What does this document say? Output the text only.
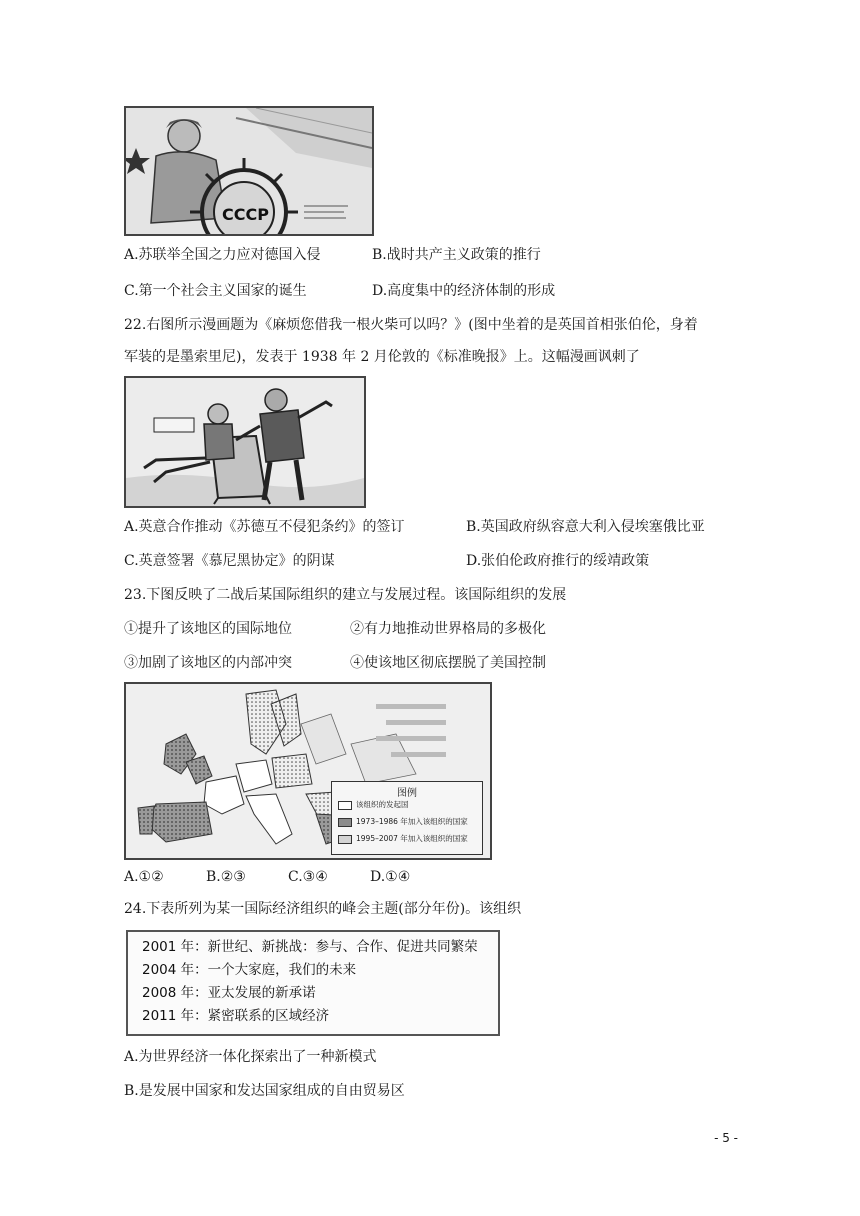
CCCP
A.苏联举全国之力应对德国入侵	B.战时共产主义政策的推行
C.第一个社会主义国家的诞生	D.高度集中的经济体制的形成
22.右图所示漫画题为《麻烦您借我一根火柴可以吗？》(图中坐着的是英国首相张伯伦，身着
军装的是墨索里尼)，发表于 1938 年 2 月伦敦的《标准晚报》上。这幅漫画讽刺了
A.英意合作推动《苏德互不侵犯条约》的签订	B.英国政府纵容意大利入侵埃塞俄比亚
C.英意签署《慕尼黑协定》的阴谋	D.张伯伦政府推行的绥靖政策
23.下图反映了二战后某国际组织的建立与发展过程。该国际组织的发展
①提升了该地区的国际地位	②有力地推动世界格局的多极化
③加剧了该地区的内部冲突	④使该地区彻底摆脱了美国控制
图例
该组织的发起国
1973–1986 年加入该组织的国家
1995–2007 年加入该组织的国家
A.①②	B.②③	C.③④	D.①④
24.下表所列为某一国际经济组织的峰会主题(部分年份)。该组织
2001 年：新世纪、新挑战：参与、合作、促进共同繁荣
2004 年：一个大家庭，我们的未来
2008 年：亚太发展的新承诺
2011 年：紧密联系的区域经济
A.为世界经济一体化探索出了一种新模式
B.是发展中国家和发达国家组成的自由贸易区
- 5 -
